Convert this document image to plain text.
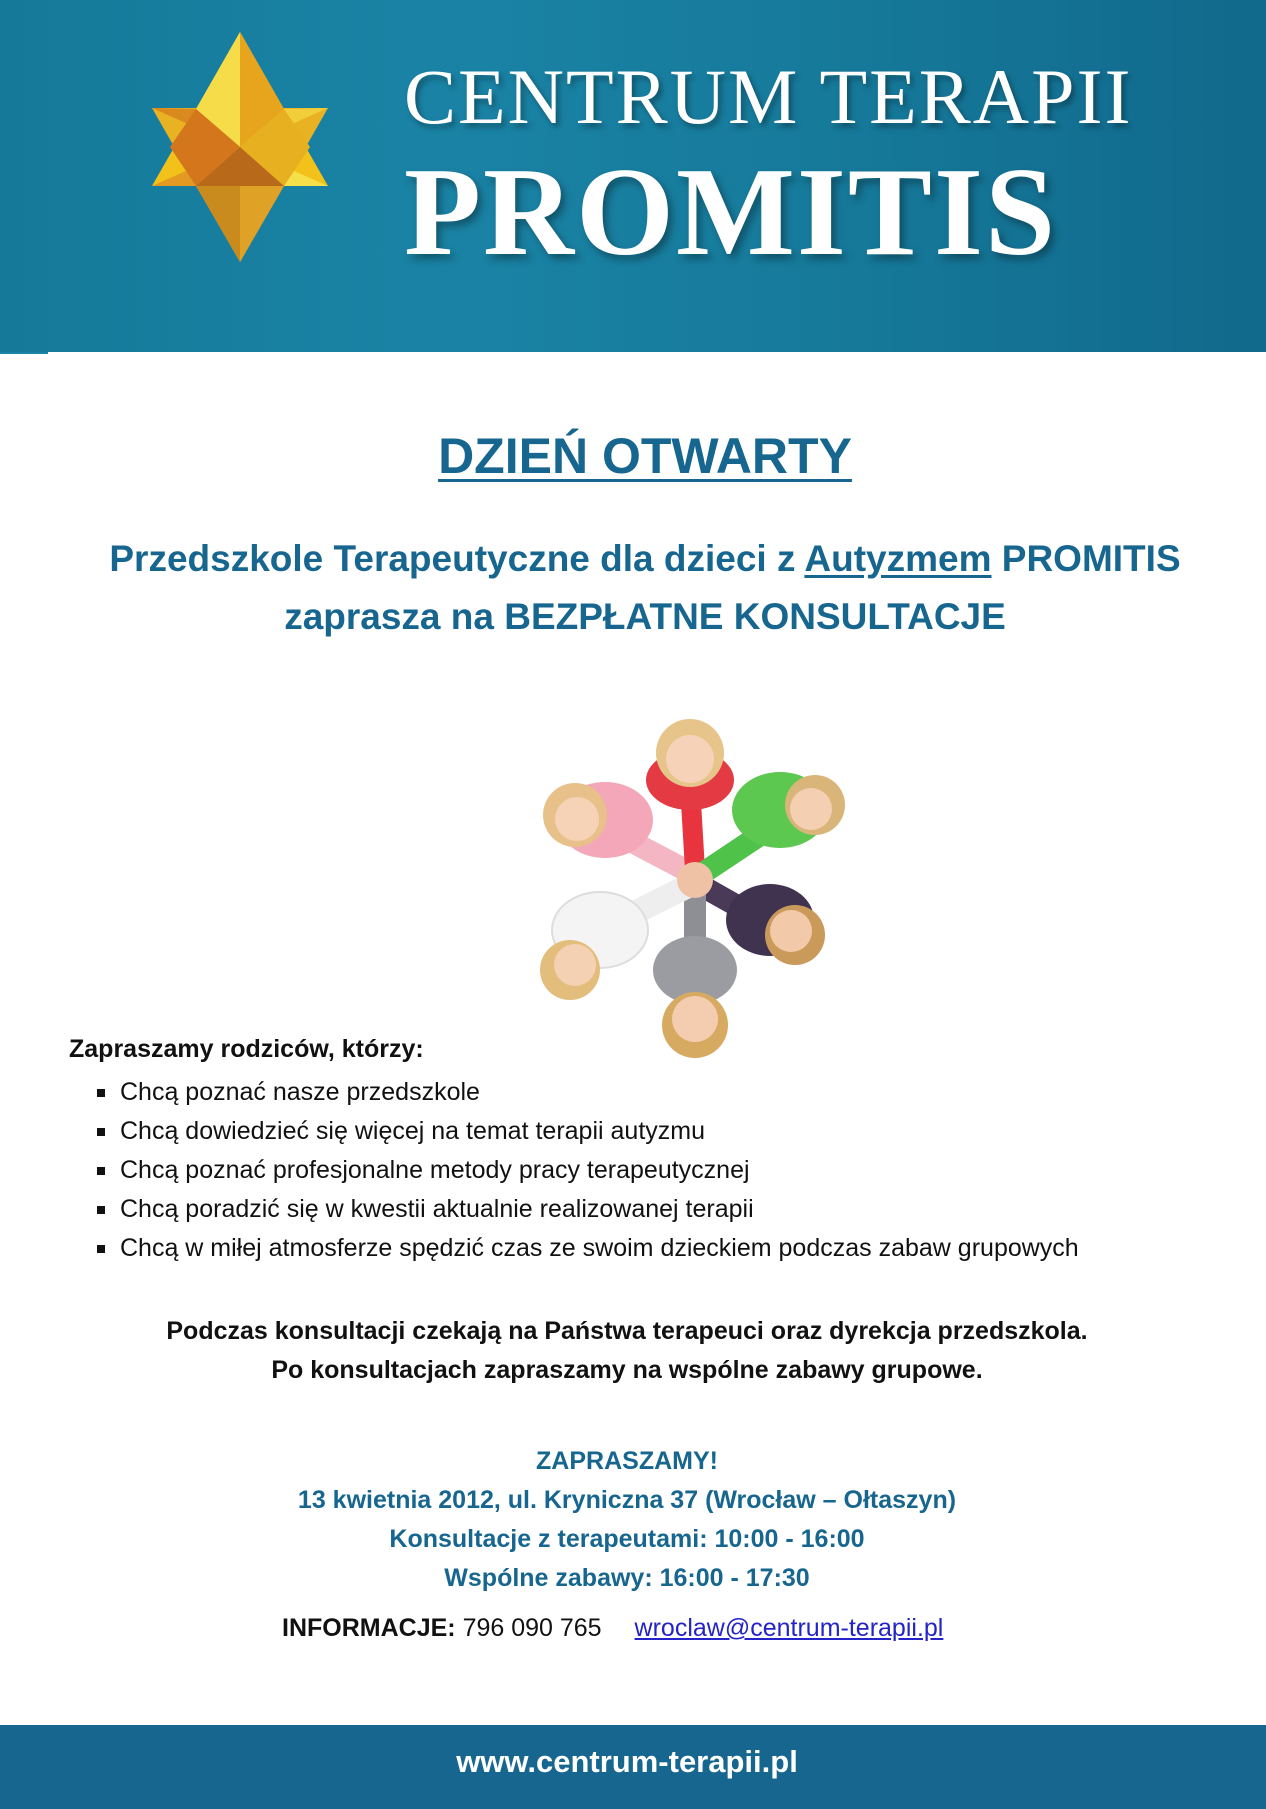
CENTRUM TERAPII
PROMITIS
DZIEŃ OTWARTY
Przedszkole Terapeutyczne dla dzieci z Autyzmem PROMITIS
zaprasza na BEZPŁATNE KONSULTACJE
Zapraszamy rodziców, którzy:
Chcą poznać nasze przedszkole
Chcą dowiedzieć się więcej na temat terapii autyzmu
Chcą poznać profesjonalne metody pracy terapeutycznej
Chcą poradzić się w kwestii aktualnie realizowanej terapii
Chcą w miłej atmosferze spędzić czas ze swoim dzieckiem podczas zabaw grupowych
Podczas konsultacji czekają na Państwa terapeuci oraz dyrekcja przedszkola.
Po konsultacjach zapraszamy na wspólne zabawy grupowe.
ZAPRASZAMY!
13 kwietnia 2012, ul. Kryniczna 37 (Wrocław – Ołtaszyn)
Konsultacje z terapeutami: 10:00 - 16:00
Wspólne zabawy: 16:00 - 17:30
INFORMACJE: 796 090 765 wroclaw@centrum-terapii.pl
www.centrum-terapii.pl
